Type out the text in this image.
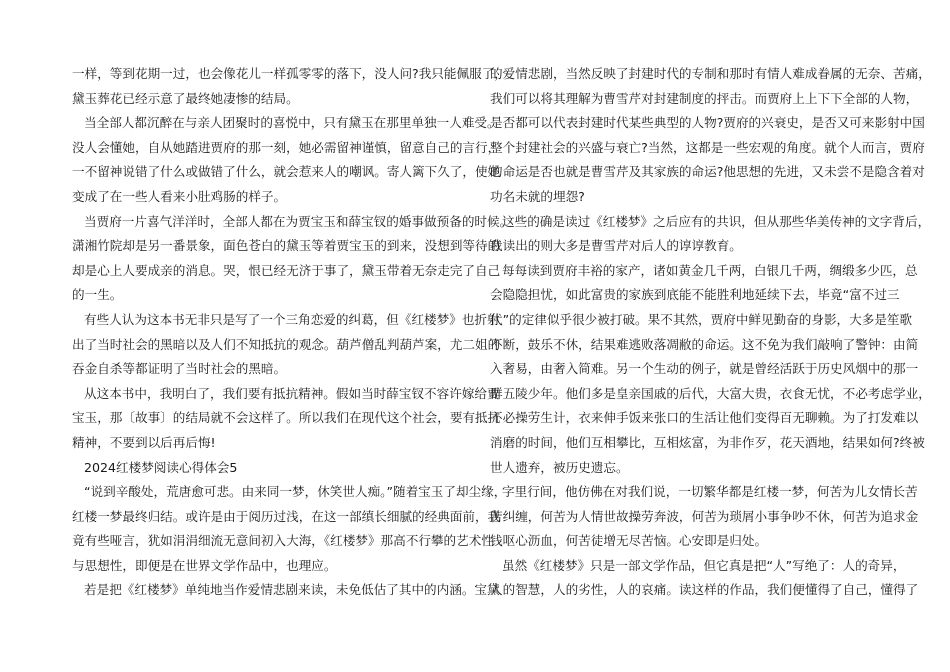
一样，等到花期一过，也会像花儿一样孤零零的落下，没人问?我只能佩服了，
黛玉葬花已经示意了最终她凄惨的结局。
当全部人都沉醉在与亲人团聚时的喜悦中，只有黛玉在那里单独一人难受。
没人会懂她，自从她踏进贾府的那一刻，她必需留神谨慎，留意自己的言行，
一不留神说错了什么或做错了什么，就会惹来人的嘲讽。寄人篱下久了，使她
变成了在一些人看来小肚鸡肠的样子。
当贾府一片喜气洋洋时，全部人都在为贾宝玉和薛宝钗的婚事做预备的时候。
潇湘竹院却是另一番景象，面色苍白的黛玉等着贾宝玉的到来，没想到等待的
却是心上人要成亲的消息。哭，恨已经无济于事了，黛玉带着无奈走完了自己
的一生。
有些人认为这本书无非只是写了一个三角恋爱的纠葛，但《红楼梦》也折射
出了当时社会的黑暗以及人们不知抵抗的观念。葫芦僧乱判葫芦案，尤二姐的
吞金自杀等都证明了当时社会的黑暗。
从这本书中，我明白了，我们要有抵抗精神。假如当时薛宝钗不容许嫁给贾
宝玉，那〔故事〕的结局就不会这样了。所以我们在现代这个社会，要有抵抗
精神，不要到以后再后悔!
2024红楼梦阅读心得体会5
“说到辛酸处，荒唐愈可悲。由来同一梦，休笑世人痴。”随着宝玉了却尘缘，
红楼一梦最终归结。或许是由于阅历过浅，在这一部缜长细腻的经典面前，我
竟有些哑言，犹如涓涓细流无意间初入大海，《红楼梦》那高不行攀的艺术性
与思想性，即便是在世界文学作品中，也理应。
若是把《红楼梦》单纯地当作爱情悲剧来读，未免低估了其中的内涵。宝黛
的爱情悲剧，当然反映了封建时代的专制和那时有情人难成眷属的无奈、苦痛，
我们可以将其理解为曹雪芹对封建制度的抨击。而贾府上上下下全部的人物，
是否都可以代表封建时代某些典型的人物?贾府的兴衰史，是否又可来影射中国
整个封建社会的兴盛与衰亡?当然，这都是一些宏观的角度。就个人而言，贾府
的命运是否也就是曹雪芹及其家族的命运?他思想的先进，又未尝不是隐含着对
功名未就的埋怨?
这些的确是读过《红楼梦》之后应有的共识，但从那些华美传神的文字背后，
我读出的则大多是曹雪芹对后人的谆谆教育。
每每读到贾府丰裕的家产，诸如黄金几千两，白银几千两，绸缎多少匹，总
会隐隐担忧，如此富贵的家族到底能不能胜利地延续下去，毕竟“富不过三
代”的定律似乎很少被打破。果不其然，贾府中鲜见勤奋的身影，大多是笙歌
不断，鼓乐不休，结果难逃败落凋敝的命运。这不免为我们敲响了警钟：由简
入奢易，由奢入简难。另一个生动的例子，就是曾经活跃于历史风烟中的那一
群五陵少年。他们多是皇亲国戚的后代，大富大贵，衣食无忧，不必考虑学业，
不必操劳生计，衣来伸手饭来张口的生活让他们变得百无聊赖。为了打发难以
消磨的时间，他们互相攀比，互相炫富，为非作歹，花天酒地，结果如何?终被
世人遗弃，被历史遗忘。
字里行间，他仿佛在对我们说，一切繁华都是红楼一梦，何苦为儿女情长苦
苦纠缠，何苦为人情世故操劳奔波，何苦为琐屑小事争吵不休，何苦为追求金
钱呕心沥血，何苦徒增无尽苦恼。心安即是归处。
虽然《红楼梦》只是一部文学作品，但它真是把“人”写绝了：人的奇异，
人的智慧，人的劣性，人的哀痛。读这样的作品，我们便懂得了自己，懂得了
